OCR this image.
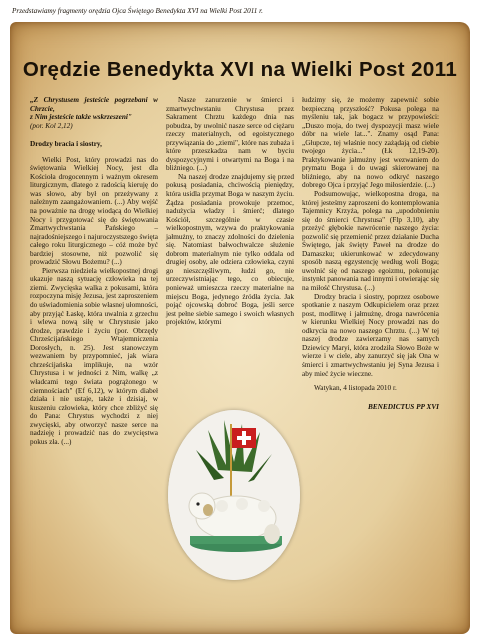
Przedstawiamy fragmenty orędzia Ojca Świętego Benedykta XVI na Wielki Post 2011 r.
Orędzie Benedykta XVI na Wielki Post 2011

„Z Chrystusem jesteście pogrzebani w Chrzcie,
z Nim jesteście także wskrzeszeni"
(por. Kol 2,12)

Drodzy bracia i siostry,

Wielki Post, który prowadzi nas do świętowania Wielkiej Nocy, jest dla Kościoła drogocennym i ważnym okresem liturgicznym, dlatego z radością kieruję do was słowo, aby był on przeżywany z należnym zaangażowaniem. (...) Aby wejść na poważnie na drogę wiodącą do Wielkiej Nocy i przygotować się do świętowania Zmartwychwstania Pańskiego – najradośniejszego i najuroczystszego święta całego roku liturgicznego – cóż może być bardziej stosowne, niż pozwolić się prowadzić Słowu Bożemu? (...)

Pierwsza niedziela wielkopostnej drogi ukazuje naszą sytuację człowieka na tej ziemi. Zwycięska walka z pokusami, która rozpoczyna misję Jezusa, jest zaproszeniem do uświadomienia sobie własnej ułomności, aby przyjąć Łaskę, która uwalnia z grzechu i wlewa nową siłę w Chrystusie jako drodze, prawdzie i życiu (por. Obrzędy Chrześcijańskiego Wtajemniczenia Dorosłych, n. 25). Jest stanowczym wezwaniem by przypomnieć, jak wiara chrześcijańska implikuje, na wzór Chrystusa i w jedności z Nim, walkę „z władcami tego świata pogrążonego w ciemnościach" (Ef 6,12), w którym diabeł działa i nie ustaje, także i dzisiaj, w kuszeniu człowieka, który chce zbliżyć się do Pana: Chrystus wychodzi z niej zwycięski, aby otworzyć nasze serce na nadzieję i prowadzić nas do zwycięstwa pokus zła. (...)

Nasze zanurzenie w śmierci i zmartwychwstaniu Chrystusa przez Sakrament Chrztu każdego dnia nas pobudza, by uwolnić nasze serce od ciężaru rzeczy materialnych, od egoistycznego przywiązania do „ziemi", które nas zubaża i które przeszkadza nam w byciu dyspozycyjnymi i otwartymi na Boga i na bliźniego. (...)

Na naszej drodze znajdujemy się przed pokusą posiadania, chciwością pieniędzy, która usidla przymat Boga w naszym życiu. Żądza posiadania prowokuje przemoc, nadużycia władzy i śmierć; dlatego Kościół, szczególnie w czasie wielkopostnym, wzywa do praktykowania jałmużny, to znaczy zdolności do dzielenia się. Natomiast bałwochwalcze służenie dobrom materialnym nie tylko oddala od drugiej osoby, ale odziera człowieka, czyni go nieszczęśliwym, łudzi go, nie urzeczywistniając tego, co obiecuje, ponieważ umieszcza rzeczy materialne na miejscu Boga, jedynego źródła życia. Jak pojąć ojcowską dobroć Boga, jeśli serce jest pełne siebie samego i swoich własnych projektów, którymi

łudzimy się, że możemy zapewnić sobie bezpieczną przyszłość? Pokusa polega na myśleniu tak, jak bogacz w przypowieści: „Duszo moja, do twej dyspozycji masz wiele dóbr na wiele lat...". Znamy osąd Pana: „Głupcze, tej właśnie nocy zażądają od ciebie twojego życia..." (Łk 12,19-20). Praktykowanie jałmużny jest wezwaniem do prymatu Boga i do uwagi skierowanej na bliźniego, aby na nowo odkryć naszego dobrego Ojca i przyjąć Jego miłosierdzie. (...)

Podsumowując, wielkopostna droga, na której jesteśmy zaproszeni do kontemplowania Tajemnicy Krzyża, polega na „upodobnieniu się do śmierci Chrystusa" (Flp 3,10), aby przeżyć głębokie nawrócenie naszego życia: pozwolić się przemienić przez działanie Ducha Świętego, jak święty Paweł na drodze do Damaszku; ukierunkować w zdecydowany sposób naszą egzystencję według woli Boga; uwolnić się od naszego egoizmu, pokonując instynkt panowania nad innymi i otwierając się na miłość Chrystusa. (...)

Drodzy bracia i siostry, poprzez osobowe spotkanie z naszym Odkupicielem oraz przez post, modlitwę i jałmużnę, droga nawrócenia w kierunku Wielkiej Nocy prowadzi nas do odkrycia na nowo naszego Chrztu. (...) W tej naszej drodze zawierzamy nas samych Dziewicy Maryi, która zrodziła Słowo Boże w wierze i w ciele, aby zanurzyć się jak Ona w śmierci i zmartwychwstaniu jej Syna Jezusa i aby mieć życie wieczne.

Watykan, 4 listopada 2010 r.

BENEDICTUS PP XVI
